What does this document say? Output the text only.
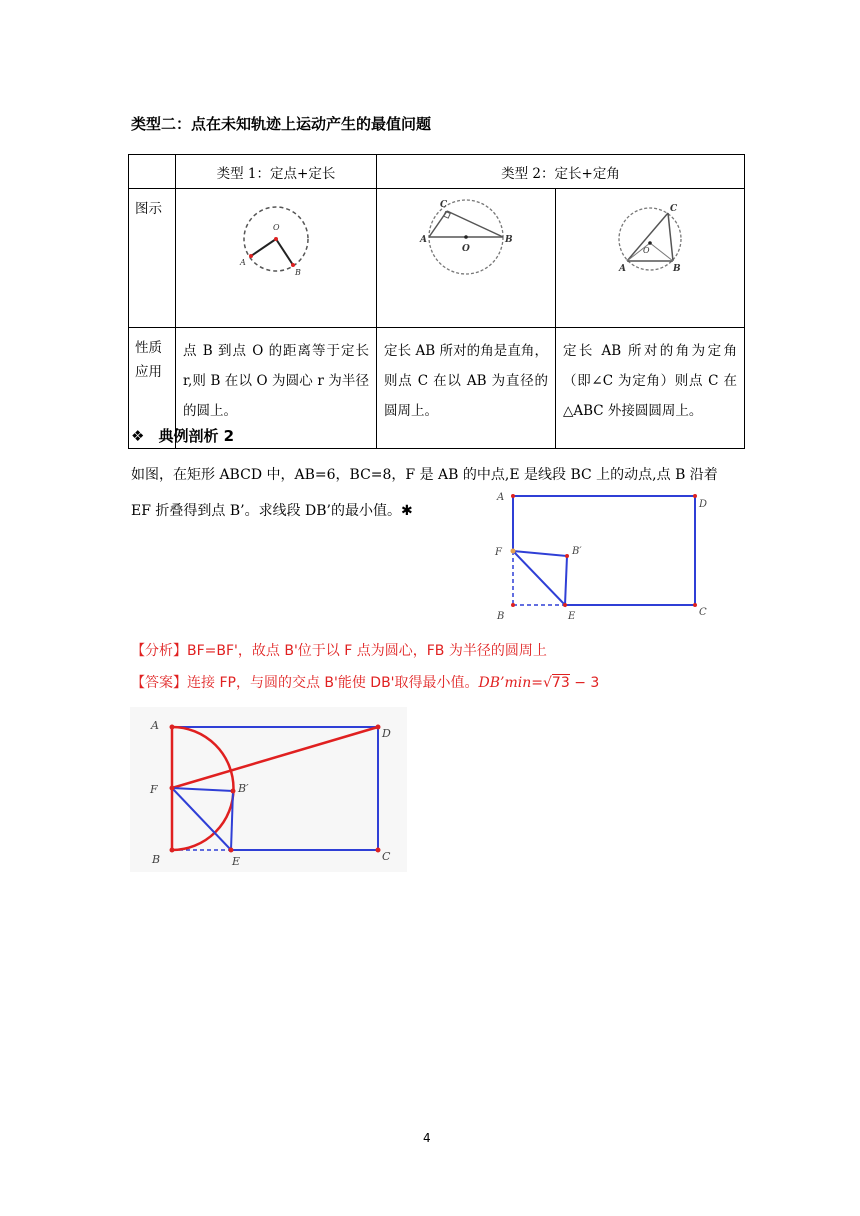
类型二：点在未知轨迹上运动产生的最值问题
	类型 1：定点+定长	类型 2：定长+定角	
图示	O
A
B	C
A
O
B	C
O
A B

性质应用	点 B 到点 O 的距离等于定长 r,则 B 在以 O 为圆心 r 为半径的圆上。	定长 AB 所对的角是直角，则点 C 在以 AB 为直径的圆周上。	定长 AB 所对的角为定角（即∠C 为定角）则点 C 在△ABC 外接圆圆周上。
❖ 典例剖析 2
如图，在矩形 ABCD 中，AB=6，BC=8，F 是 AB 的中点,E 是线段 BC 上的动点,点 B 沿着 EF 折叠得到点 B’。求线段 DB’的最小值。✱
A
D
F	B′
B	E	C
【分析】BF=BF'，故点 B'位于以 F 点为圆心，FB 为半径的圆周上
【答案】连接 FP，与圆的交点 B'能使 DB'取得最小值。DB’min=√73 − 3
A
D
F	B′
B	E	C
4
